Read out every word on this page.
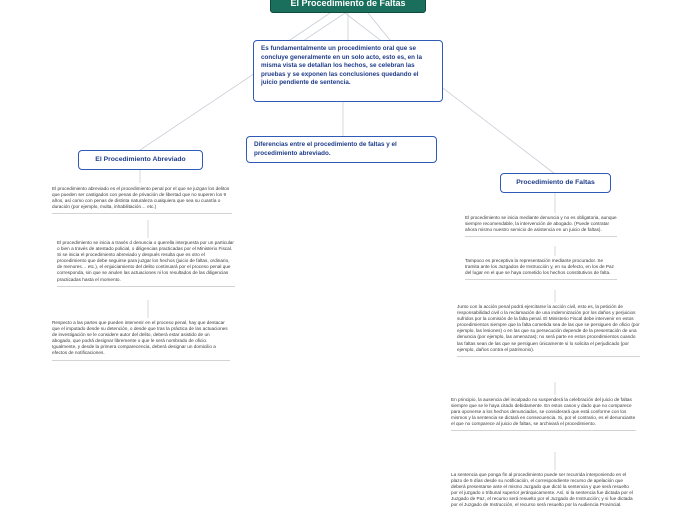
El Procedimiento de Faltas
Es fundamentalmente un procedimiento oral que se concluye generalmente en un solo acto, esto es, en la misma vista se detallan los hechos, se celebran las pruebas y se exponen las conclusiones quedando el juicio pendiente de sentencia.
Diferencias entre el procedimiento de faltas y el procedimiento abreviado.
El Procedimiento Abreviado
Procedimiento de Faltas
El procedimiento abreviado es el procedimiento penal por el que se juzgan los delitos que pueden ser castigados con penas de privación de libertad que no superen los 9 años, así como con penas de distinta naturaleza cualquiera que sea su cuantía o duración (por ejemplo, multa, inhabilitación… etc.)
El procedimiento se inicia a través d denuncia o querella interpuesta por un particular o bien a través de atestado policial, o diligencias practicadas por el Ministerio Fiscal. Si se inicia el procedimiento abreviado y después resulta que es otro el procedimiento que debe seguirse para juzgar los hechos (juicio de faltas, ordinario, de menores… etc.), el enjuiciamiento del delito continuará por el proceso penal que corresponda, sin que se anulen las actuaciones ni los resultados de las diligencias practicadas hasta el momento.
Respecto a las partes que pueden intervenir en el proceso penal, hay que destacar que el imputado desde su detención, o desde que tras la práctica de las actuaciones de investigación se le considere autor del delito, deberá estar asistido de un abogado, que podrá designar libremente o que le será nombrado de oficio. Igualmente, y desde la primera comparecencia, deberá designar un domicilio a efectos de notificaciones.
El procedimiento se inicia mediante denuncia y no es obligatoria, aunque siempre recomendable, la intervención de abogado. (Puede contratar ahora mismo nuestro servicio de asistencia en un juicio de faltas).
Tampoco es preceptiva la representación mediante procurador. Se tramita ante los Juzgados de Instrucción y, en su defecto, en los de Paz del lugar en el que se haya cometido los hechos constitutivos de falta.
Junto con la acción penal podrá ejercitarse la acción civil, esto es, la petición de responsabilidad civil o la reclamación de una indemnización por los daños y perjuicios sufridos por la comisión de la falta penal. El Ministerio Fiscal debe intervenir en estos procedimientos siempre que la falta cometida sea de las que se persiguen de oficio (por ejemplo, las lesiones) o en las que su persecución depende de la presentación de una denuncia (por ejemplo, las amenazas); no será parte en estos procedimientos cuando las faltas sean de las que se persiguen únicamente si lo solicita el perjudicado (por ejemplo, daños contra el patrimonio).
En principio, la ausencia del inculpado no suspenderá la celebración del juicio de faltas siempre que se le haya citado debidamente. En estos casos y dado que no comparece para oponerse a los hechos denunciados, se considerará que está conforme con los mismos y la sentencia se dictará en consecuencia. Si, por el contrario, es el denunciante el que no comparece al juicio de faltas, se archivará el procedimiento.
La sentencia que ponga fin al procedimiento puede ser recurrida interponiendo en el plazo de 5 días desde su notificación, el correspondiente recurso de apelación que deberá presentarse ante el mismo Juzgado que dictó la sentencia y que será resuelto por el juzgado o tribunal superior jerárquicamente. Así, si la sentencia fue dictada por el Juzgado de Paz, el recurso será resuelto por el Juzgado de Instrucción; y si fue dictada por el Juzgado de Instrucción, el recurso será resuelto por la Audiencia Provincial.
